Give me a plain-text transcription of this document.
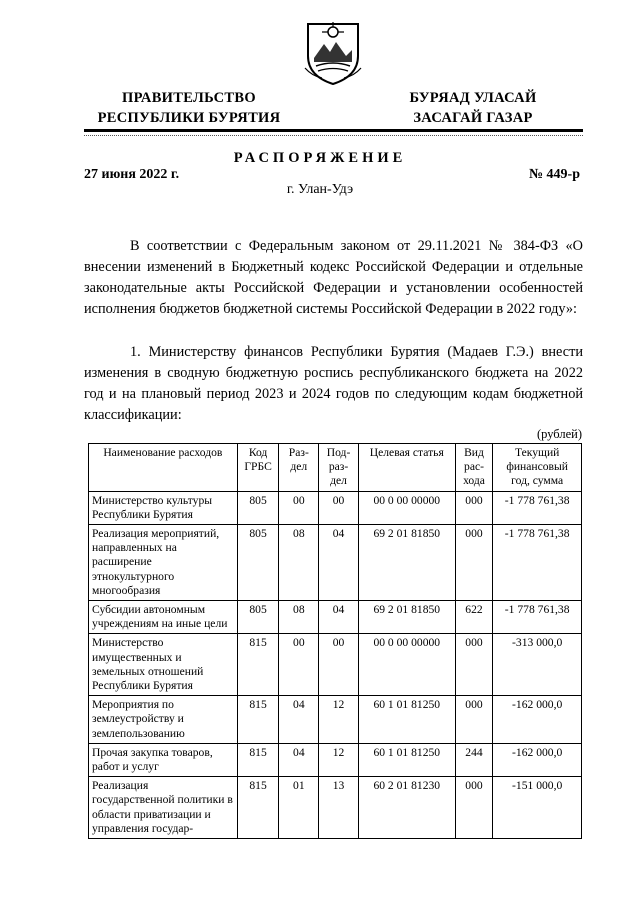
ПРАВИТЕЛЬСТВО
РЕСПУБЛИКИ БУРЯТИЯ
БУРЯАД УЛАСАЙ
ЗАСАГАЙ ГАЗАР
РАСПОРЯЖЕНИЕ
27 июня 2022 г.	№ 449-р
г. Улан-Удэ
В соответствии с Федеральным законом от 29.11.2021 № 384-ФЗ «О внесении изменений в Бюджетный кодекс Российской Федерации и отдельные законодательные акты Российской Федерации и установлении особенностей исполнения бюджетов бюджетной системы Российской Федерации в 2022 году»:
1. Министерству финансов Республики Бурятия (Мадаев Г.Э.) внести изменения в сводную бюджетную роспись республиканского бюджета на 2022 год и на плановый период 2023 и 2024 годов по следующим кодам бюджетной классификации:
(рублей)
Наименование расходов	Код ГРБС	Раз- дел	Под- раз- дел	Целевая статья	Вид рас- хода	Текущий финансовый год, сумма
Министерство культуры Республики Бурятия	805	00	00	00 0 00 00000	000	-1 778 761,38
Реализация мероприятий, направленных на расширение этнокультурного многообразия	805	08	04	69 2 01 81850	000	-1 778 761,38
Субсидии автономным учреждениям на иные цели	805	08	04	69 2 01 81850	622	-1 778 761,38
Министерство имущественных и земельных отношений Республики Бурятия	815	00	00	00 0 00 00000	000	-313 000,0
Мероприятия по землеустройству и землепользованию	815	04	12	60 1 01 81250	000	-162 000,0
Прочая закупка товаров, работ и услуг	815	04	12	60 1 01 81250	244	-162 000,0
Реализация государственной политики в области приватизации и управления государ-	815	01	13	60 2 01 81230	000	-151 000,0
